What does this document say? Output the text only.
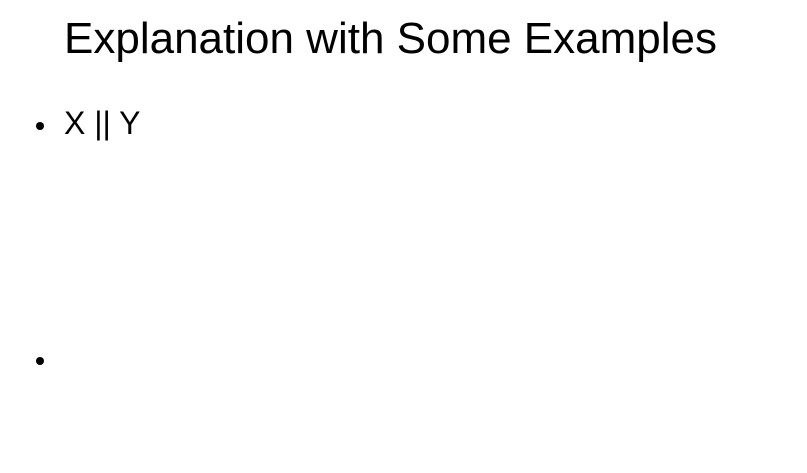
Explanation with Some Examples
X || Y
